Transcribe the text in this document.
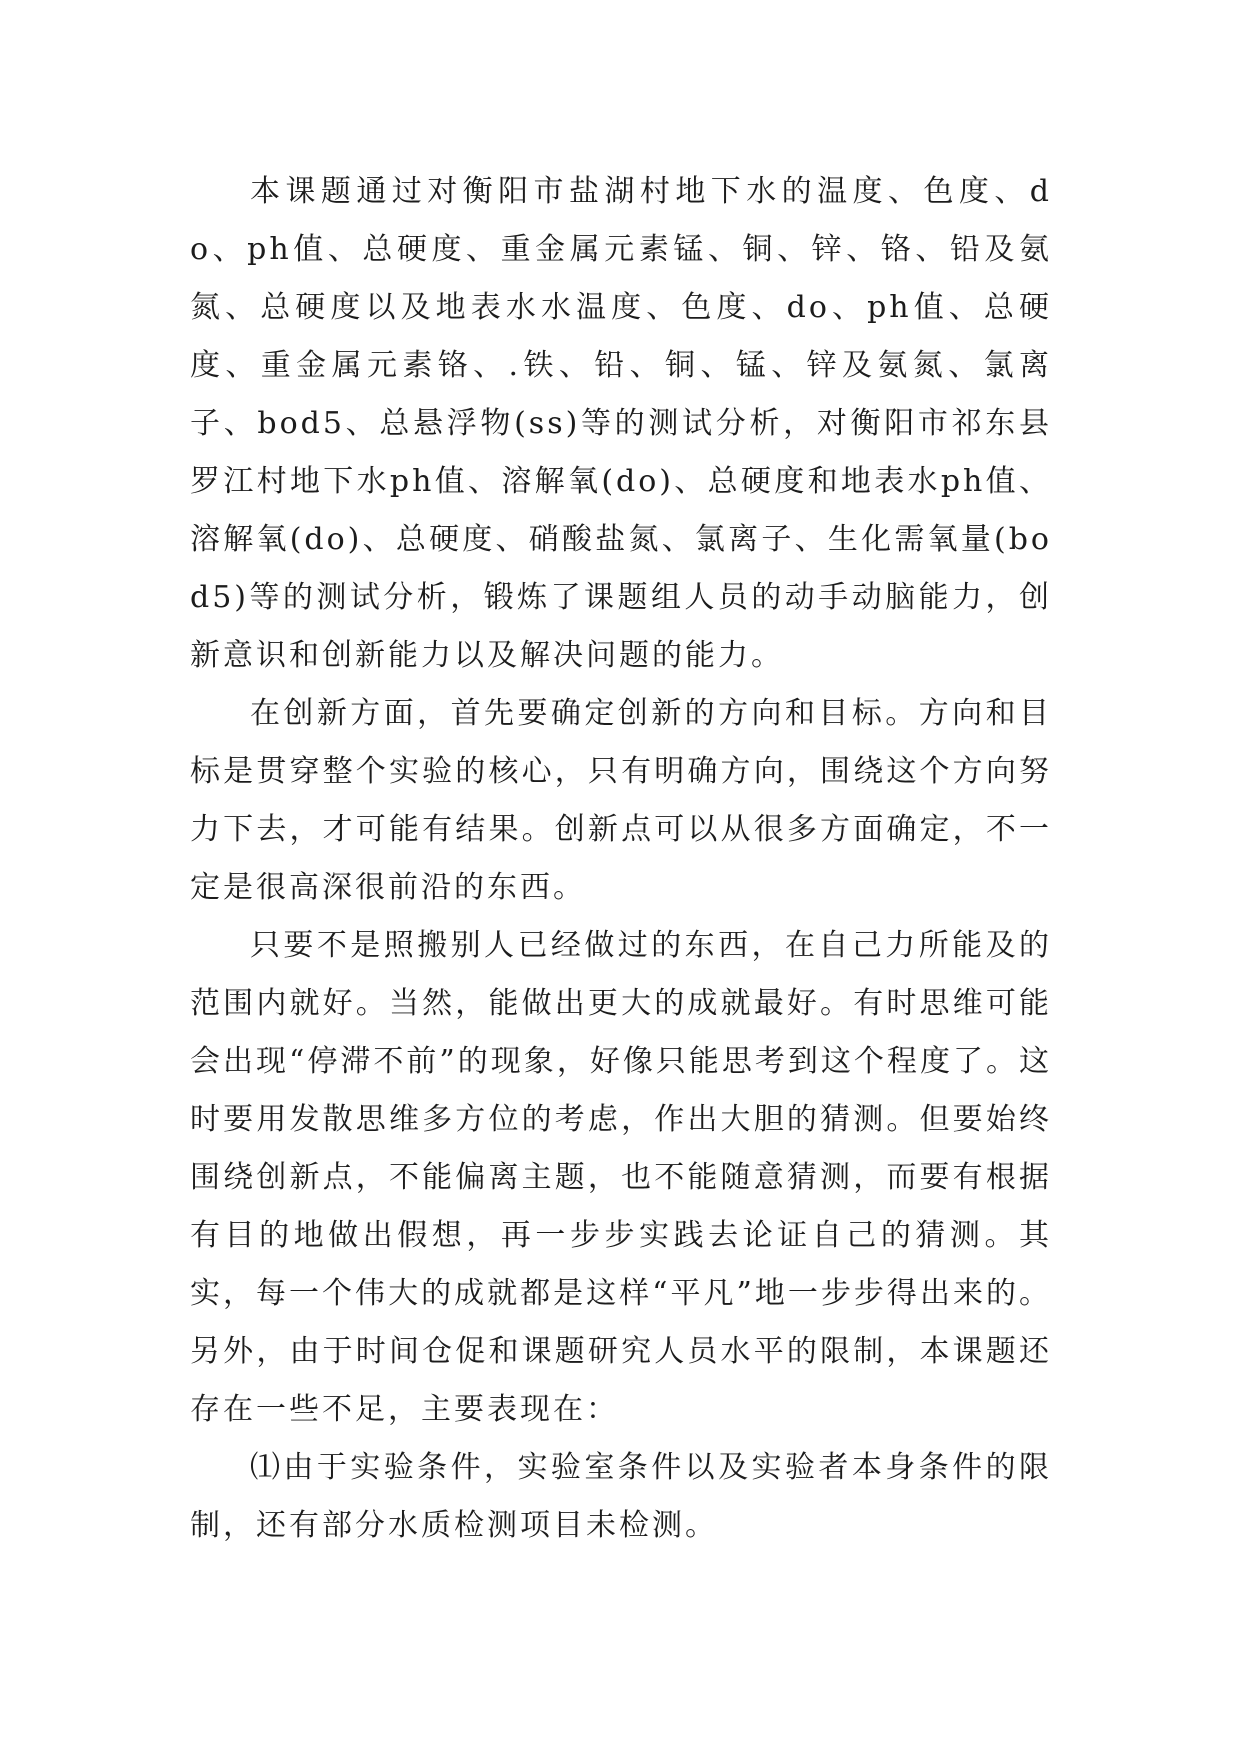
本课题通过对衡阳市盐湖村地下水的温度、色度、do、ph值、总硬度、重金属元素锰、铜、锌、铬、铅及氨氮、总硬度以及地表水水温度、色度、do、ph值、总硬度、重金属元素铬、.铁、铅、铜、锰、锌及氨氮、氯离子、bod5、总悬浮物(ss)等的测试分析，对衡阳市祁东县罗江村地下水ph值、溶解氧(do)、总硬度和地表水ph值、溶解氧(do)、总硬度、硝酸盐氮、氯离子、生化需氧量(bod5)等的测试分析，锻炼了课题组人员的动手动脑能力，创新意识和创新能力以及解决问题的能力。

在创新方面，首先要确定创新的方向和目标。方向和目标是贯穿整个实验的核心，只有明确方向，围绕这个方向努力下去，才可能有结果。创新点可以从很多方面确定，不一定是很高深很前沿的东西。

只要不是照搬别人已经做过的东西，在自己力所能及的范围内就好。当然，能做出更大的成就最好。有时思维可能会出现“停滞不前”的现象，好像只能思考到这个程度了。这时要用发散思维多方位的考虑，作出大胆的猜测。但要始终围绕创新点，不能偏离主题，也不能随意猜测，而要有根据有目的地做出假想，再一步步实践去论证自己的猜测。其实，每一个伟大的成就都是这样“平凡”地一步步得出来的。另外，由于时间仓促和课题研究人员水平的限制，本课题还存在一些不足，主要表现在：

⑴由于实验条件，实验室条件以及实验者本身条件的限制，还有部分水质检测项目未检测。
